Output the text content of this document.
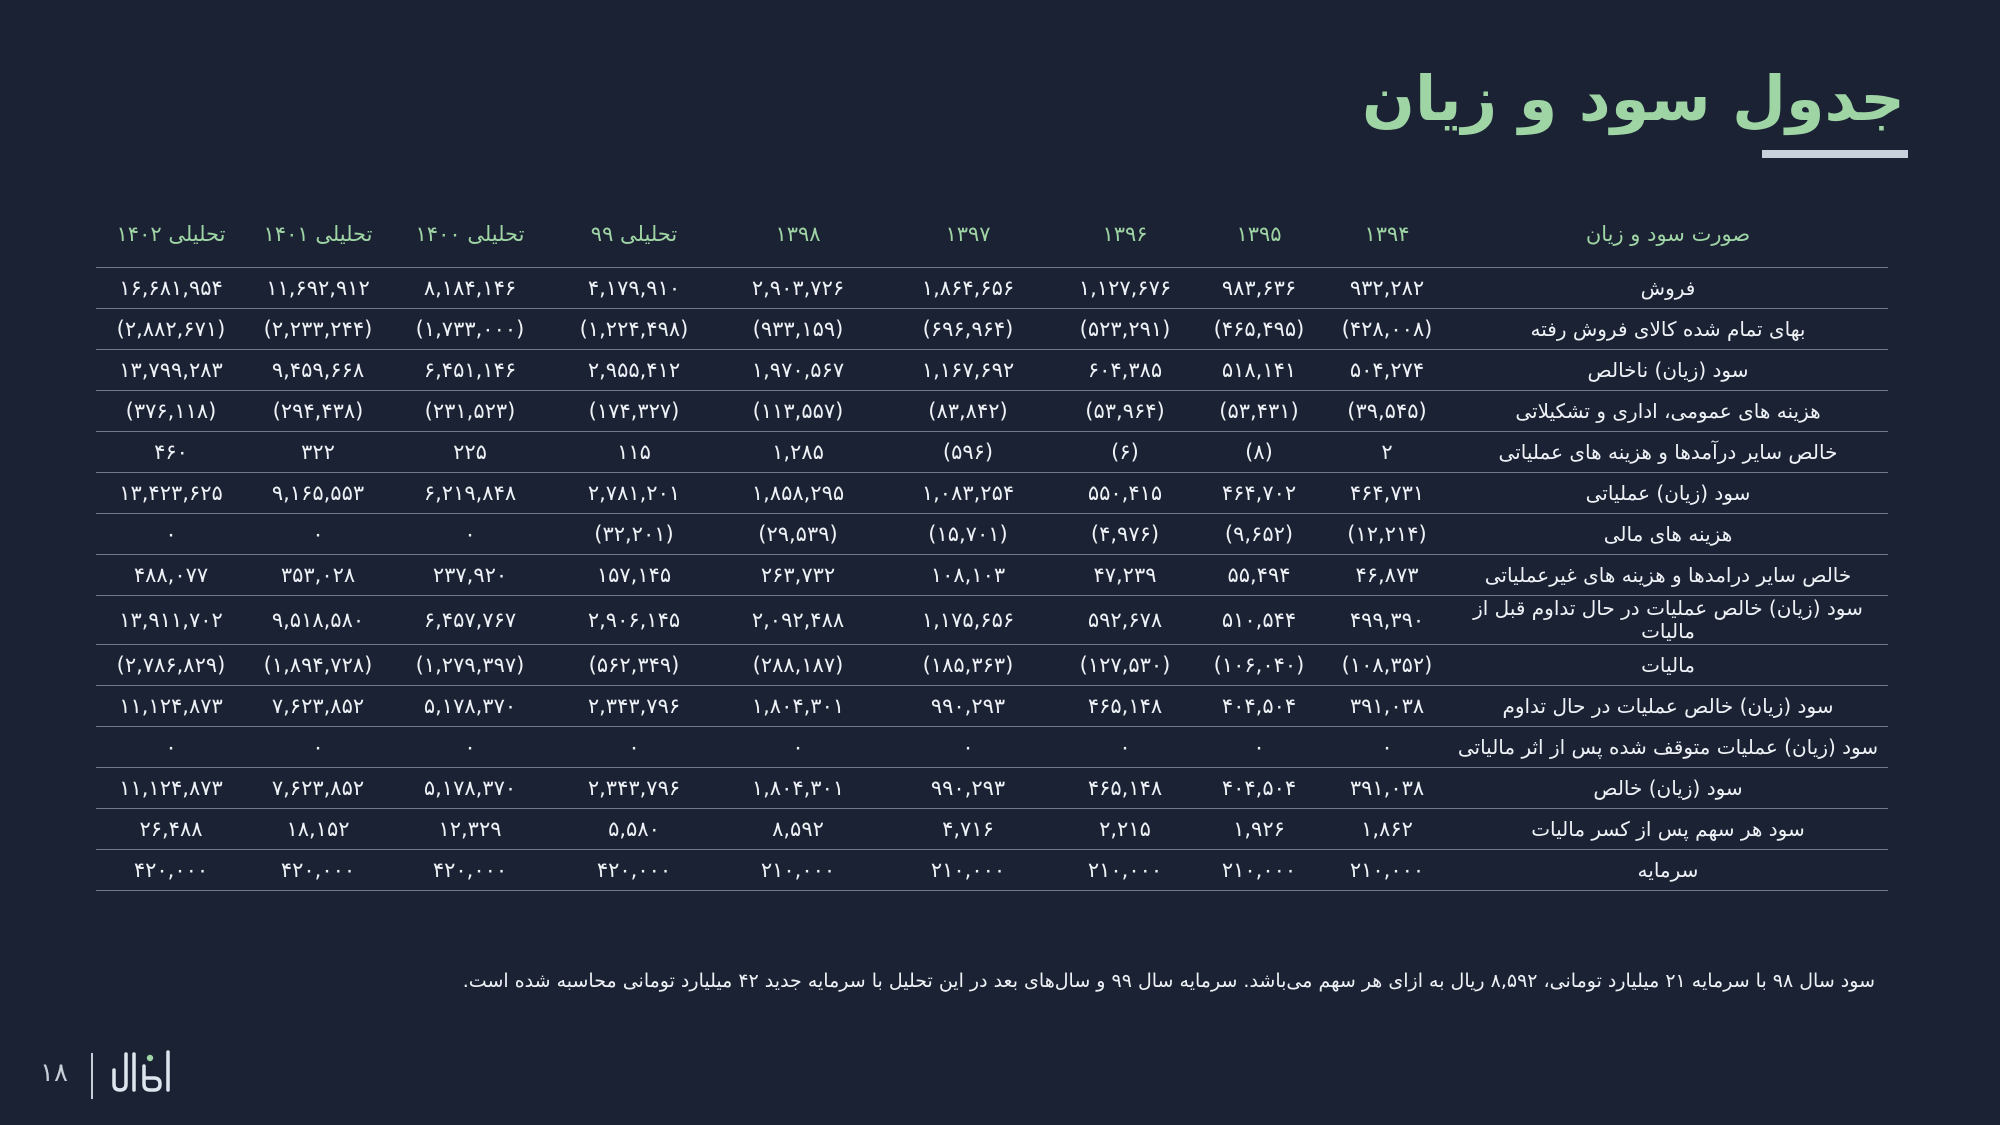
جدول سود و زیان
صورت سود و زیان	۱۳۹۴	۱۳۹۵	۱۳۹۶	۱۳۹۷	۱۳۹۸	تحلیلی ۹۹	تحلیلی ۱۴۰۰	تحلیلی ۱۴۰۱	تحلیلی ۱۴۰۲
فروش	۹۳۲,۲۸۲	۹۸۳,۶۳۶	۱,۱۲۷,۶۷۶	۱,۸۶۴,۶۵۶	۲,۹۰۳,۷۲۶	۴,۱۷۹,۹۱۰	۸,۱۸۴,۱۴۶	۱۱,۶۹۲,۹۱۲	۱۶,۶۸۱,۹۵۴
بهای تمام شده کالای فروش رفته	(۴۲۸,۰۰۸)	(۴۶۵,۴۹۵)	(۵۲۳,۲۹۱)	(۶۹۶,۹۶۴)	(۹۳۳,۱۵۹)	(۱,۲۲۴,۴۹۸)	(۱,۷۳۳,۰۰۰)	(۲,۲۳۳,۲۴۴)	(۲,۸۸۲,۶۷۱)
سود (زیان) ناخالص	۵۰۴,۲۷۴	۵۱۸,۱۴۱	۶۰۴,۳۸۵	۱,۱۶۷,۶۹۲	۱,۹۷۰,۵۶۷	۲,۹۵۵,۴۱۲	۶,۴۵۱,۱۴۶	۹,۴۵۹,۶۶۸	۱۳,۷۹۹,۲۸۳
هزینه های عمومی، اداری و تشکیلاتی	(۳۹,۵۴۵)	(۵۳,۴۳۱)	(۵۳,۹۶۴)	(۸۳,۸۴۲)	(۱۱۳,۵۵۷)	(۱۷۴,۳۲۷)	(۲۳۱,۵۲۳)	(۲۹۴,۴۳۸)	(۳۷۶,۱۱۸)
خالص سایر درآمدها و هزینه های عملیاتی	۲	(۸)	(۶)	(۵۹۶)	۱,۲۸۵	۱۱۵	۲۲۵	۳۲۲	۴۶۰
سود (زیان) عملیاتی	۴۶۴,۷۳۱	۴۶۴,۷۰۲	۵۵۰,۴۱۵	۱,۰۸۳,۲۵۴	۱,۸۵۸,۲۹۵	۲,۷۸۱,۲۰۱	۶,۲۱۹,۸۴۸	۹,۱۶۵,۵۵۳	۱۳,۴۲۳,۶۲۵
هزینه های مالی	(۱۲,۲۱۴)	(۹,۶۵۲)	(۴,۹۷۶)	(۱۵,۷۰۱)	(۲۹,۵۳۹)	(۳۲,۲۰۱)	۰	۰	۰
خالص سایر درامدها و هزینه های غیرعملیاتی	۴۶,۸۷۳	۵۵,۴۹۴	۴۷,۲۳۹	۱۰۸,۱۰۳	۲۶۳,۷۳۲	۱۵۷,۱۴۵	۲۳۷,۹۲۰	۳۵۳,۰۲۸	۴۸۸,۰۷۷
سود (زیان) خالص عملیات در حال تداوم قبل از مالیات	۴۹۹,۳۹۰	۵۱۰,۵۴۴	۵۹۲,۶۷۸	۱,۱۷۵,۶۵۶	۲,۰۹۲,۴۸۸	۲,۹۰۶,۱۴۵	۶,۴۵۷,۷۶۷	۹,۵۱۸,۵۸۰	۱۳,۹۱۱,۷۰۲
مالیات	(۱۰۸,۳۵۲)	(۱۰۶,۰۴۰)	(۱۲۷,۵۳۰)	(۱۸۵,۳۶۳)	(۲۸۸,۱۸۷)	(۵۶۲,۳۴۹)	(۱,۲۷۹,۳۹۷)	(۱,۸۹۴,۷۲۸)	(۲,۷۸۶,۸۲۹)
سود (زیان) خالص عملیات در حال تداوم	۳۹۱,۰۳۸	۴۰۴,۵۰۴	۴۶۵,۱۴۸	۹۹۰,۲۹۳	۱,۸۰۴,۳۰۱	۲,۳۴۳,۷۹۶	۵,۱۷۸,۳۷۰	۷,۶۲۳,۸۵۲	۱۱,۱۲۴,۸۷۳
سود (زیان) عملیات متوقف شده پس از اثر مالیاتی	۰	۰	۰	۰	۰	۰	۰	۰	۰
سود (زیان) خالص	۳۹۱,۰۳۸	۴۰۴,۵۰۴	۴۶۵,۱۴۸	۹۹۰,۲۹۳	۱,۸۰۴,۳۰۱	۲,۳۴۳,۷۹۶	۵,۱۷۸,۳۷۰	۷,۶۲۳,۸۵۲	۱۱,۱۲۴,۸۷۳
سود هر سهم پس از کسر مالیات	۱,۸۶۲	۱,۹۲۶	۲,۲۱۵	۴,۷۱۶	۸,۵۹۲	۵,۵۸۰	۱۲,۳۲۹	۱۸,۱۵۲	۲۶,۴۸۸
سرمایه	۲۱۰,۰۰۰	۲۱۰,۰۰۰	۲۱۰,۰۰۰	۲۱۰,۰۰۰	۲۱۰,۰۰۰	۴۲۰,۰۰۰	۴۲۰,۰۰۰	۴۲۰,۰۰۰	۴۲۰,۰۰۰
سود سال ۹۸ با سرمایه ۲۱ میلیارد تومانی، ۸,۵۹۲ ریال به ازای هر سهم می‌باشد. سرمایه سال ۹۹ و سال‌های بعد در این تحلیل با سرمایه جدید ۴۲ میلیارد تومانی محاسبه شده است.
۱۸
